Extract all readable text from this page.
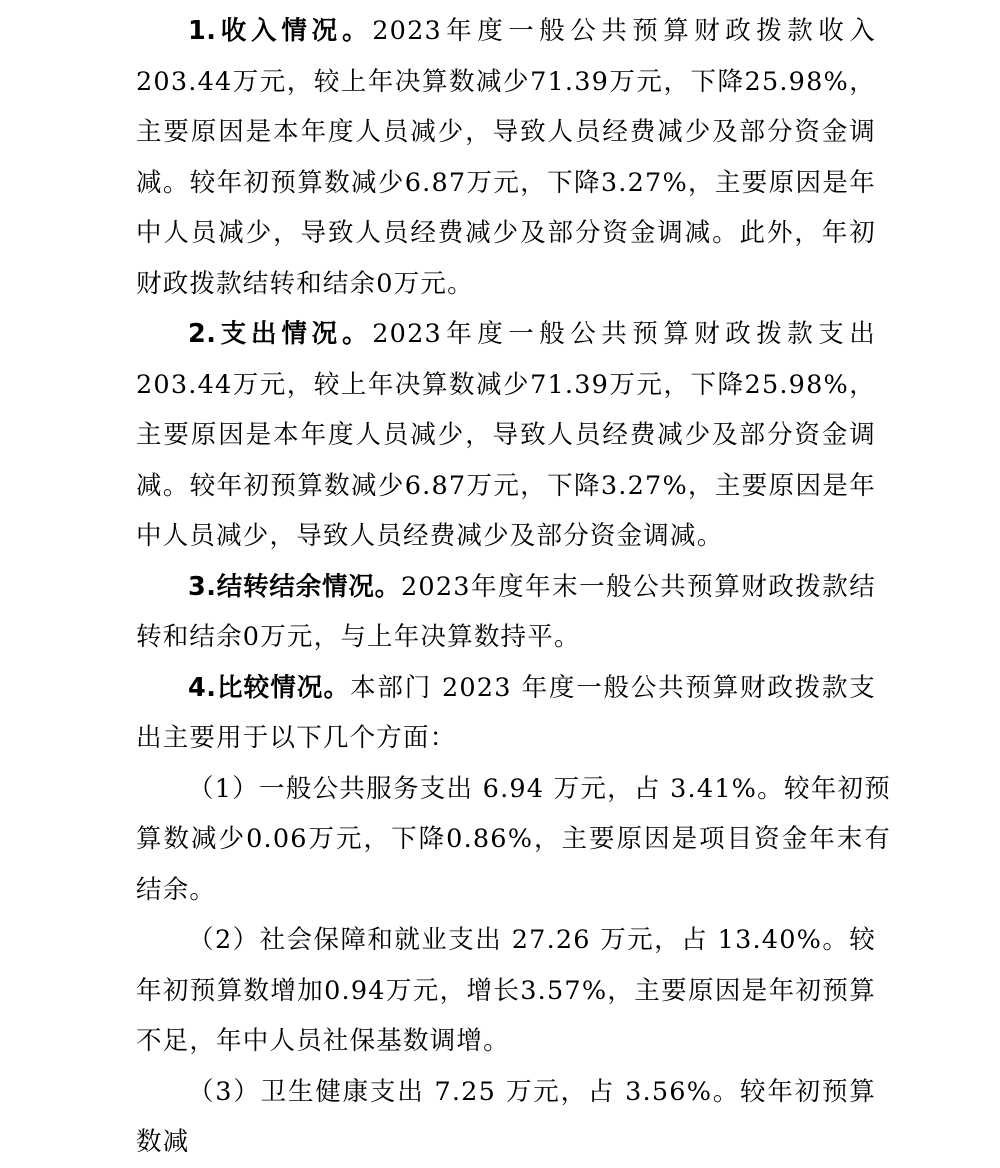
1.收入情况。2023年度一般公共预算财政拨款收入203.44万元，较上年决算数减少71.39万元，下降25.98%，主要原因是本年度人员减少，导致人员经费减少及部分资金调减。较年初预算数减少6.87万元，下降3.27%，主要原因是年中人员减少，导致人员经费减少及部分资金调减。此外，年初财政拨款结转和结余0万元。

2.支出情况。2023年度一般公共预算财政拨款支出203.44万元，较上年决算数减少71.39万元，下降25.98%，主要原因是本年度人员减少，导致人员经费减少及部分资金调减。较年初预算数减少6.87万元，下降3.27%，主要原因是年中人员减少，导致人员经费减少及部分资金调减。

3.结转结余情况。2023年度年末一般公共预算财政拨款结转和结余0万元，与上年决算数持平。

4.比较情况。本部门 2023 年度一般公共预算财政拨款支出主要用于以下几个方面：

（1）一般公共服务支出 6.94 万元，占 3.41%。较年初预算数减少0.06万元，下降0.86%，主要原因是项目资金年末有结余。

（2）社会保障和就业支出 27.26 万元，占 13.40%。较年初预算数增加0.94万元，增长3.57%，主要原因是年初预算不足，年中人员社保基数调增。

（3）卫生健康支出 7.25 万元，占 3.56%。较年初预算数减
